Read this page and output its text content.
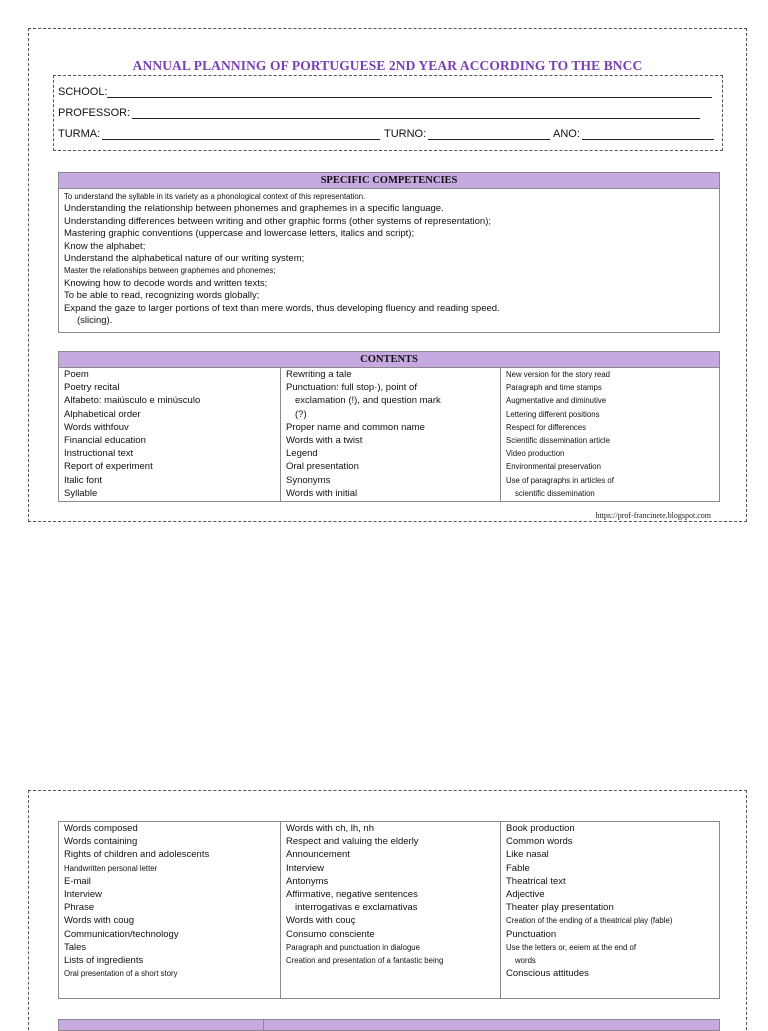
ANNUAL PLANNING OF PORTUGUESE 2ND YEAR ACCORDING TO THE BNCC
SCHOOL:
PROFESSOR:
TURMA:	TURNO:	ANO:
SPECIFIC COMPETENCIES
To understand the syllable in its variety as a phonological context of this representation.
Understanding the relationship between phonemes and graphemes in a specific language.
Understanding differences between writing and other graphic forms (other systems of representation);
Mastering graphic conventions (uppercase and lowercase letters, italics and script);
Know the alphabet;
Understand the alphabetical nature of our writing system;
Master the relationships between graphemes and phonemes;
Knowing how to decode words and written texts;
To be able to read, recognizing words globally;
Expand the gaze to larger portions of text than mere words, thus developing fluency and reading speed.
(slicing).
CONTENTS
Poem
Poetry recital
Alfabeto: maiúsculo e minúsculo
Alphabetical order
Words withfouv
Financial education
Instructional text
Report of experiment
Italic font
Syllable
Rewriting a tale
Punctuation: full stop·), point of
exclamation (!), and question mark
(?)
Proper name and common name
Words with a twist
Legend
Oral presentation
Synonyms
Words with initial
New version for the story read
Paragraph and time stamps
Augmentative and diminutive
Lettering different positions
Respect for differences
Scientific dissemination article
Video production
Environmental preservation
Use of paragraphs in articles of
scientific dissemination
https://prof-francinete.blogspot.com
Words composed
Words containing
Rights of children and adolescents
Handwritten personal letter
E-mail
Interview
Phrase
Words with coug
Communication/technology
Tales
Lists of ingredients
Oral presentation of a short story
Words with ch, lh, nh
Respect and valuing the elderly
Announcement
Interview
Antonyms
Affirmative, negative sentences
interrogativas e exclamativas
Words with couç
Consumo consciente
Paragraph and punctuation in dialogue
Creation and presentation of a fantastic being
Book production
Common words
Like nasal
Fable
Theatrical text
Adjective
Theater play presentation
Creation of the ending of a theatrical play (fable)
Punctuation
Use the letters or, eeiem at the end of
words
Conscious attitudes
